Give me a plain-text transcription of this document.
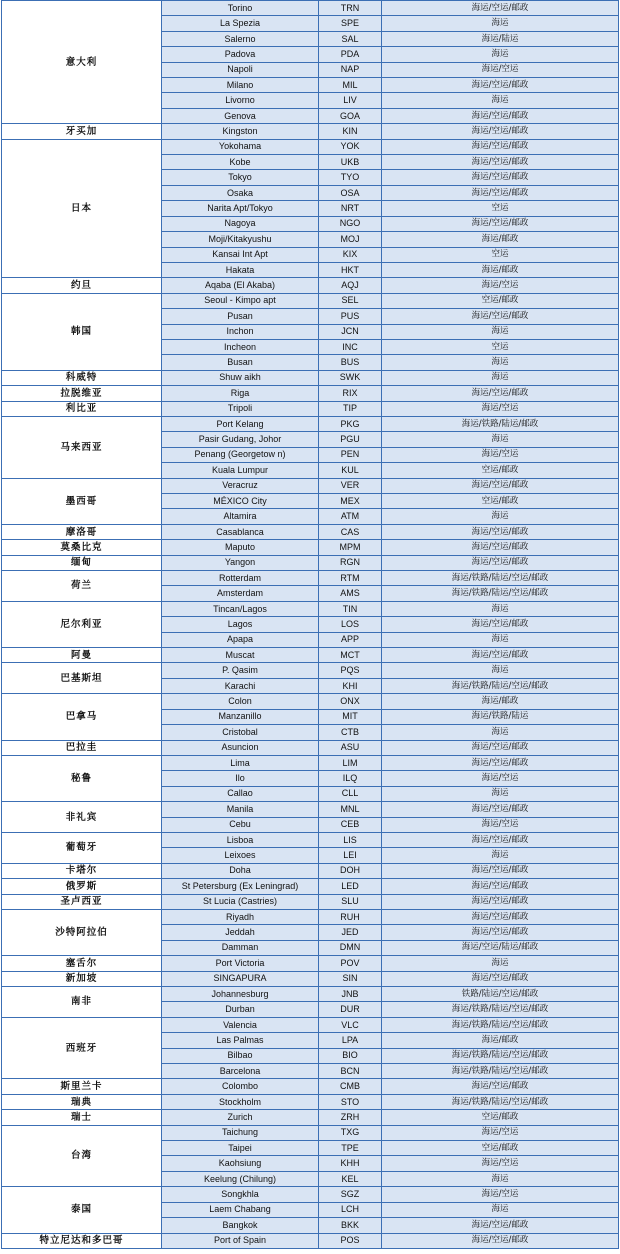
意大利	Torino	TRN	海运/空运/邮政
	La Spezia	SPE	海运
	Salerno	SAL	海运/陆运
	Padova	PDA	海运
	Napoli	NAP	海运/空运
	Milano	MIL	海运/空运/邮政
	Livorno	LIV	海运
	Genova	GOA	海运/空运/邮政
牙买加	Kingston	KIN	海运/空运/邮政
日本	Yokohama	YOK	海运/空运/邮政
	Kobe	UKB	海运/空运/邮政
	Tokyo	TYO	海运/空运/邮政
	Osaka	OSA	海运/空运/邮政
	Narita Apt/Tokyo	NRT	空运
	Nagoya	NGO	海运/空运/邮政
	Moji/Kitakyushu	MOJ	海运/邮政
	Kansai Int Apt	KIX	空运
	Hakata	HKT	海运/邮政
约旦	Aqaba (El Akaba)	AQJ	海运/空运
韩国	Seoul - Kimpo apt	SEL	空运/邮政
	Pusan	PUS	海运/空运/邮政
	Inchon	JCN	海运
	Incheon	INC	空运
	Busan	BUS	海运
科威特	Shuw aikh	SWK	海运
拉脱维亚	Riga	RIX	海运/空运/邮政
利比亚	Tripoli	TIP	海运/空运
马来西亚	Port Kelang	PKG	海运/铁路/陆运/邮政
	Pasir Gudang, Johor	PGU	海运
	Penang (Georgetow n)	PEN	海运/空运
	Kuala Lumpur	KUL	空运/邮政
墨西哥	Veracruz	VER	海运/空运/邮政
	MÉXICO City	MEX	空运/邮政
	Altamira	ATM	海运
摩洛哥	Casablanca	CAS	海运/空运/邮政
莫桑比克	Maputo	MPM	海运/空运/邮政
缅甸	Yangon	RGN	海运/空运/邮政
荷兰	Rotterdam	RTM	海运/铁路/陆运/空运/邮政
	Amsterdam	AMS	海运/铁路/陆运/空运/邮政
尼尔利亚	Tincan/Lagos	TIN	海运
	Lagos	LOS	海运/空运/邮政
	Apapa	APP	海运
阿曼	Muscat	MCT	海运/空运/邮政
巴基斯坦	P. Qasim	PQS	海运
	Karachi	KHI	海运/铁路/陆运/空运/邮政
巴拿马	Colon	ONX	海运/邮政
	Manzanillo	MIT	海运/铁路/陆运
	Cristobal	CTB	海运
巴拉圭	Asuncion	ASU	海运/空运/邮政
秘鲁	Lima	LIM	海运/空运/邮政
	Ilo	ILQ	海运/空运
	Callao	CLL	海运
非礼宾	Manila	MNL	海运/空运/邮政
	Cebu	CEB	海运/空运
葡萄牙	Lisboa	LIS	海运/空运/邮政
	Leixoes	LEI	海运
卡塔尔	Doha	DOH	海运/空运/邮政
俄罗斯	St Petersburg (Ex Leningrad)	LED	海运/空运/邮政
圣卢西亚	St Lucia (Castries)	SLU	海运/空运/邮政
沙特阿拉伯	Riyadh	RUH	海运/空运/邮政
	Jeddah	JED	海运/空运/邮政
	Damman	DMN	海运/空运/陆运/邮政
塞舌尔	Port Victoria	POV	海运
新加坡	SINGAPURA	SIN	海运/空运/邮政
南非	Johannesburg	JNB	铁路/陆运/空运/邮政
	Durban	DUR	海运/铁路/陆运/空运/邮政
西班牙	Valencia	VLC	海运/铁路/陆运/空运/邮政
	Las Palmas	LPA	海运/邮政
	Bilbao	BIO	海运/铁路/陆运/空运/邮政
	Barcelona	BCN	海运/铁路/陆运/空运/邮政
斯里兰卡	Colombo	CMB	海运/空运/邮政
瑞典	Stockholm	STO	海运/铁路/陆运/空运/邮政
瑞士	Zurich	ZRH	空运/邮政
台湾	Taichung	TXG	海运/空运
	Taipei	TPE	空运/邮政
	Kaohsiung	KHH	海运/空运
	Keelung (Chilung)	KEL	海运
泰国	Songkhla	SGZ	海运/空运
	Laem Chabang	LCH	海运
	Bangkok	BKK	海运/空运/邮政
特立尼达和多巴哥	Port of Spain	POS	海运/空运/邮政
